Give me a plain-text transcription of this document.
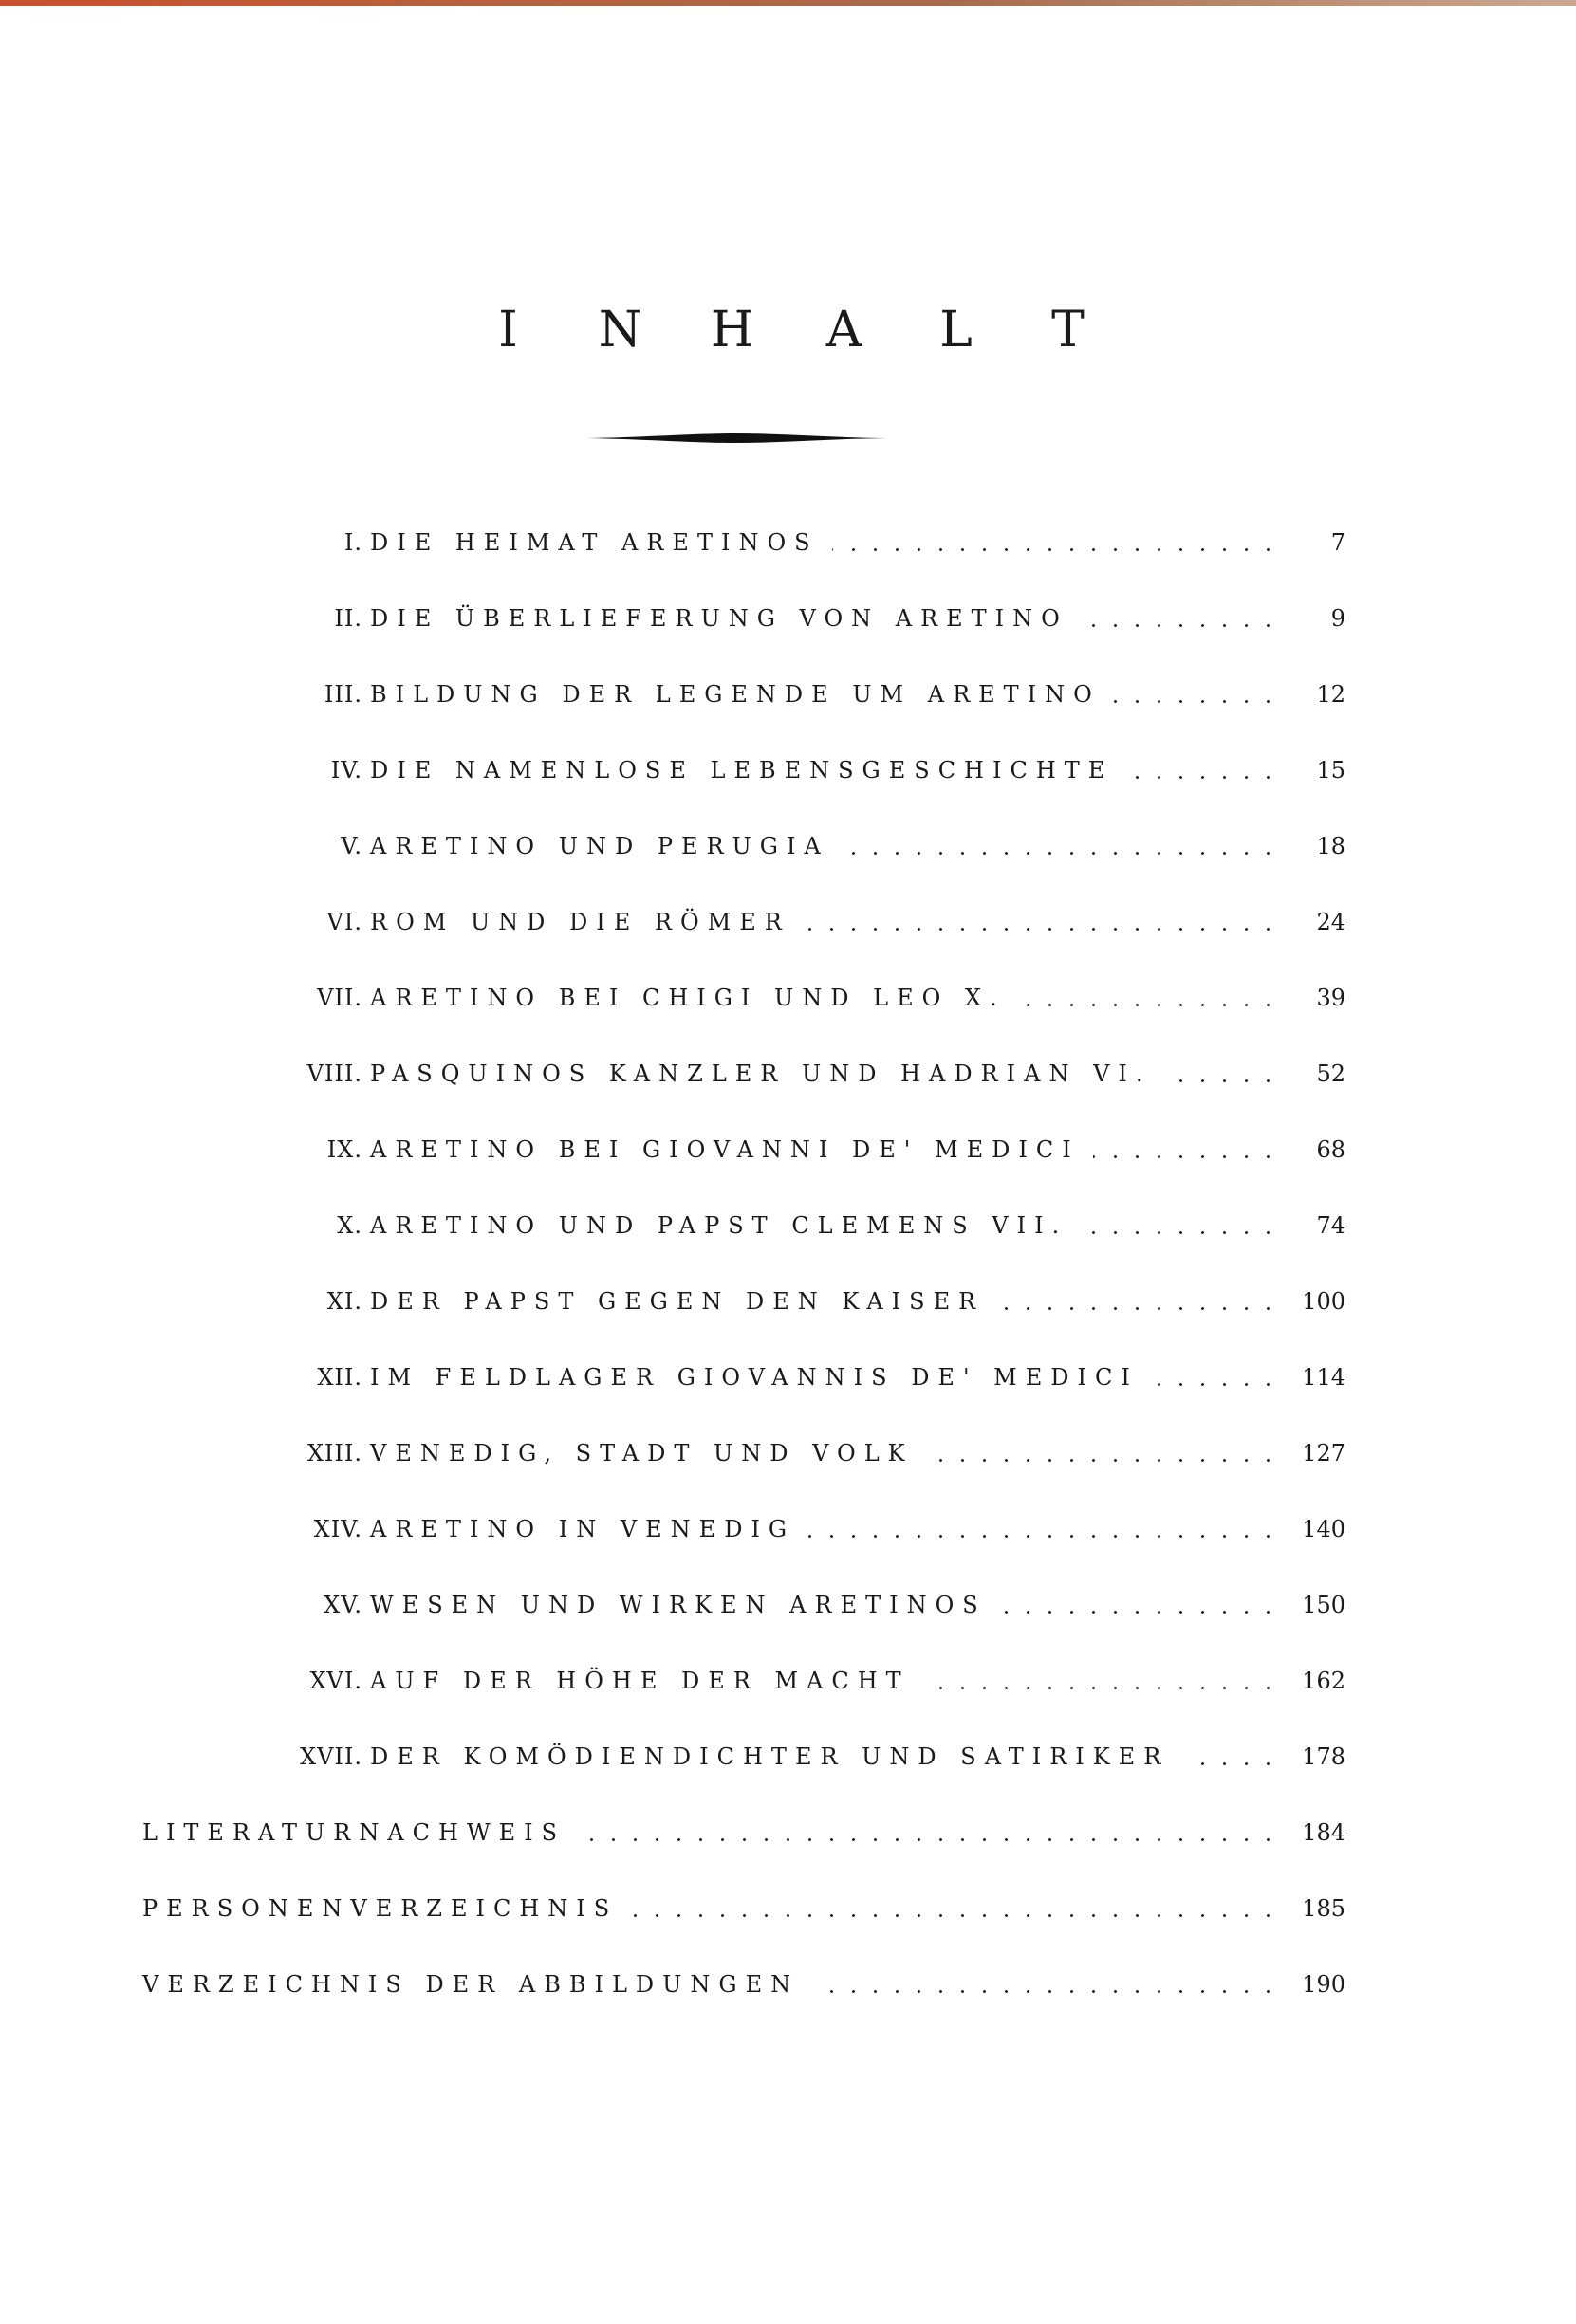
I	N	H	A	L	T
I. DIE HEIMAT ARETINOS	7
II. DIE ÜBERLIEFERUNG VON ARETINO	9
III. BILDUNG DER LEGENDE UM ARETINO	12
IV. DIE NAMENLOSE LEBENSGESCHICHTE	15
V. ARETINO UND PERUGIA	18
VI. ROM UND DIE RÖMER	24
VII. ARETINO BEI CHIGI UND LEO X.	39
VIII. PASQUINOS KANZLER UND HADRIAN VI.	52
IX. ARETINO BEI GIOVANNI DE' MEDICI	68
X. ARETINO UND PAPST CLEMENS VII.	74
XI. DER PAPST GEGEN DEN KAISER	100
XII. IM FELDLAGER GIOVANNIS DE' MEDICI	114
XIII. VENEDIG, STADT UND VOLK	127
XIV. ARETINO IN VENEDIG	140
XV. WESEN UND WIRKEN ARETINOS	150
XVI. AUF DER HÖHE DER MACHT	162
XVII. DER KOMÖDIENDICHTER UND SATIRIKER	178
LITERATURNACHWEIS	184
PERSONENVERZEICHNIS	185
VERZEICHNIS DER ABBILDUNGEN	190
